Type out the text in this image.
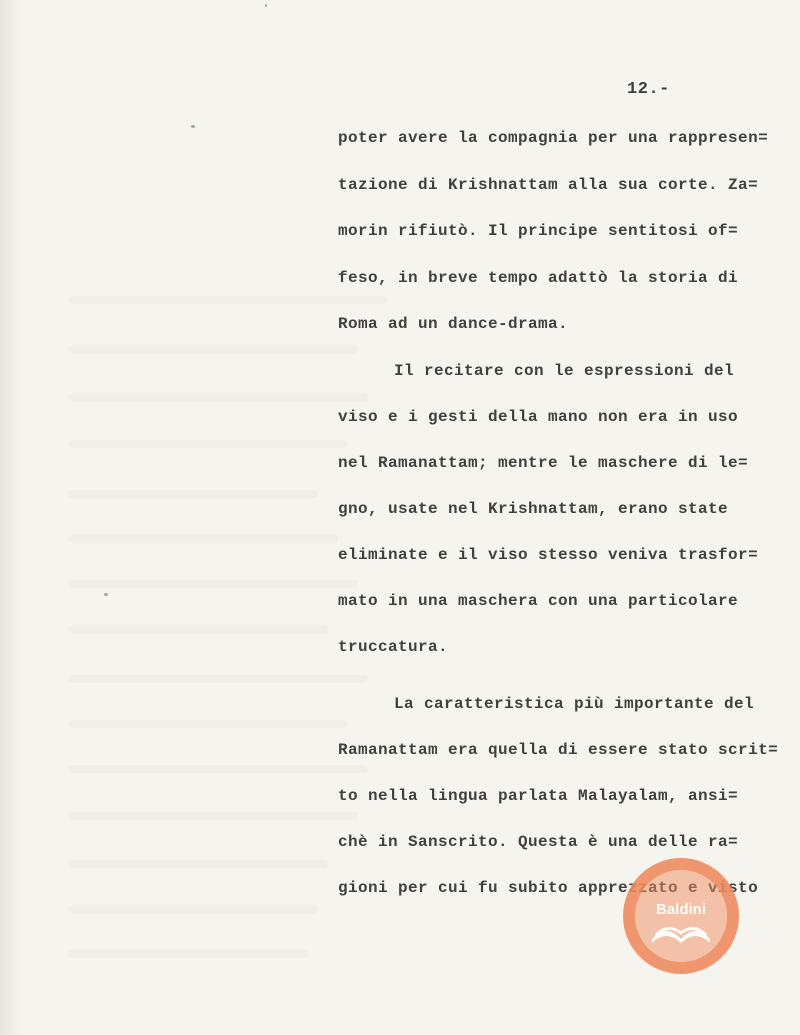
12.-

poter avere la compagnia per una rappresen=

tazione di Krishnattam alla sua corte. Za=

morin rifiutò. Il principe sentitosi of=

feso, in breve tempo adattò la storia di

Roma ad un dance-drama.

Il recitare con le espressioni del

viso e i gesti della mano non era in uso

nel Ramanattam; mentre le maschere di le=

gno, usate nel Krishnattam, erano state

eliminate e il viso stesso veniva trasfor=

mato in una maschera con una particolare

truccatura.

La caratteristica più importante del

Ramanattam era quella di essere stato scrit=

to nella lingua parlata Malayalam, ansi=

chè in Sanscrito. Questa è una delle ra=

gioni per cui fu subito apprezzato e visto

Baldini
